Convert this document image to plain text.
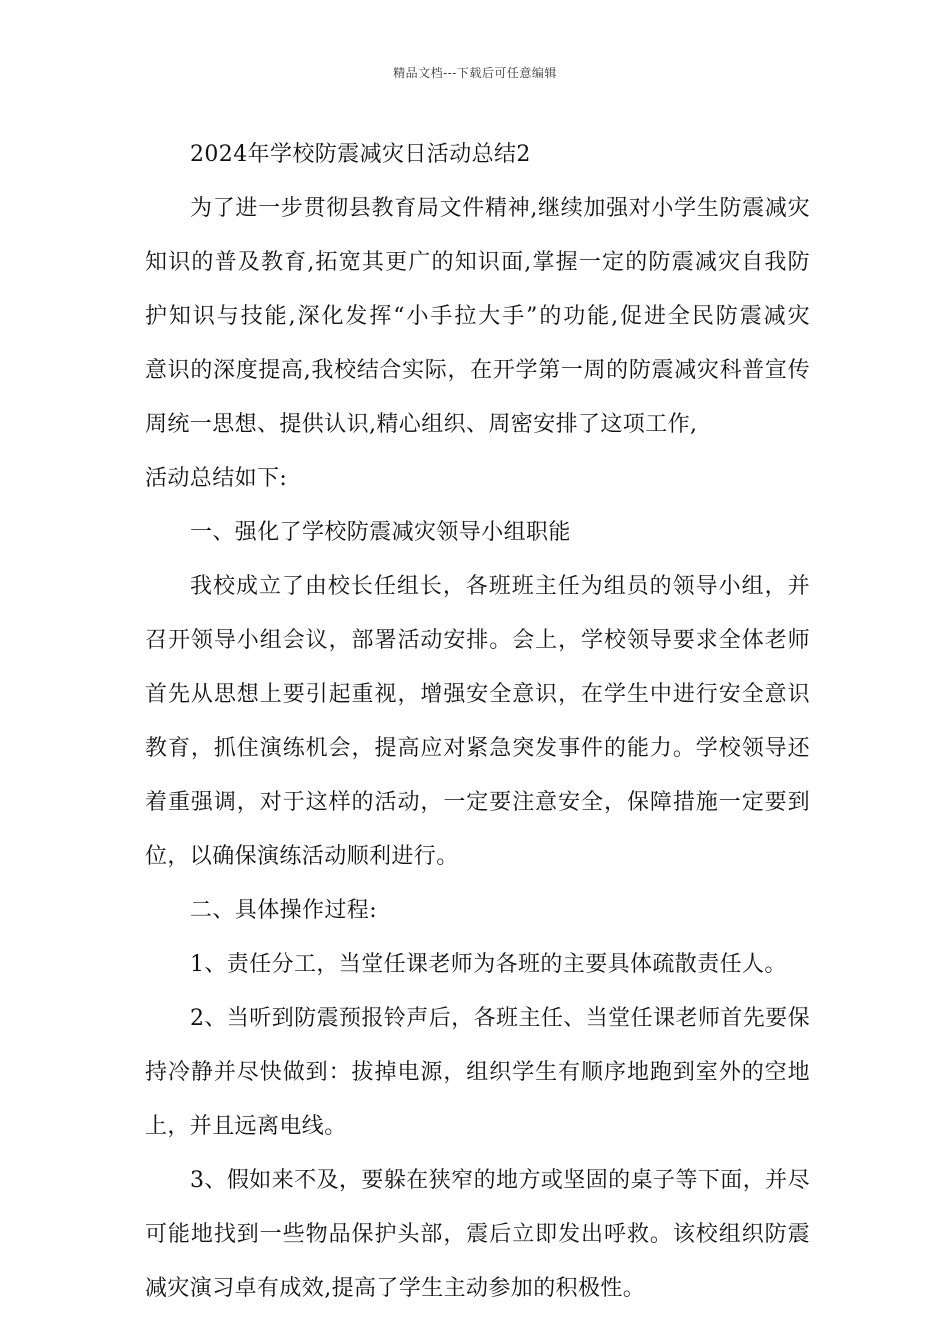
精品文档---下载后可任意编辑
2024年学校防震减灾日活动总结2
为了进一步贯彻县教育局文件精神,继续加强对小学生防震减灾
知识的普及教育,拓宽其更广的知识面,掌握一定的防震减灾自我防
护知识与技能,深化发挥“小手拉大手”的功能,促进全民防震减灾
意识的深度提高,我校结合实际，在开学第一周的防震减灾科普宣传
周统一思想、提供认识,精心组织、周密安排了这项工作,
活动总结如下:
一、强化了学校防震减灾领导小组职能
我校成立了由校长任组长，各班班主任为组员的领导小组，并
召开领导小组会议，部署活动安排。会上，学校领导要求全体老师
首先从思想上要引起重视，增强安全意识，在学生中进行安全意识
教育，抓住演练机会，提高应对紧急突发事件的能力。学校领导还
着重强调，对于这样的活动，一定要注意安全，保障措施一定要到
位，以确保演练活动顺利进行。
二、具体操作过程:
1、责任分工，当堂任课老师为各班的主要具体疏散责任人。
2、当听到防震预报铃声后，各班主任、当堂任课老师首先要保
持冷静并尽快做到：拔掉电源，组织学生有顺序地跑到室外的空地
上，并且远离电线。
3、假如来不及，要躲在狭窄的地方或坚固的桌子等下面，并尽
可能地找到一些物品保护头部，震后立即发出呼救。该校组织防震
减灾演习卓有成效,提高了学生主动参加的积极性。
